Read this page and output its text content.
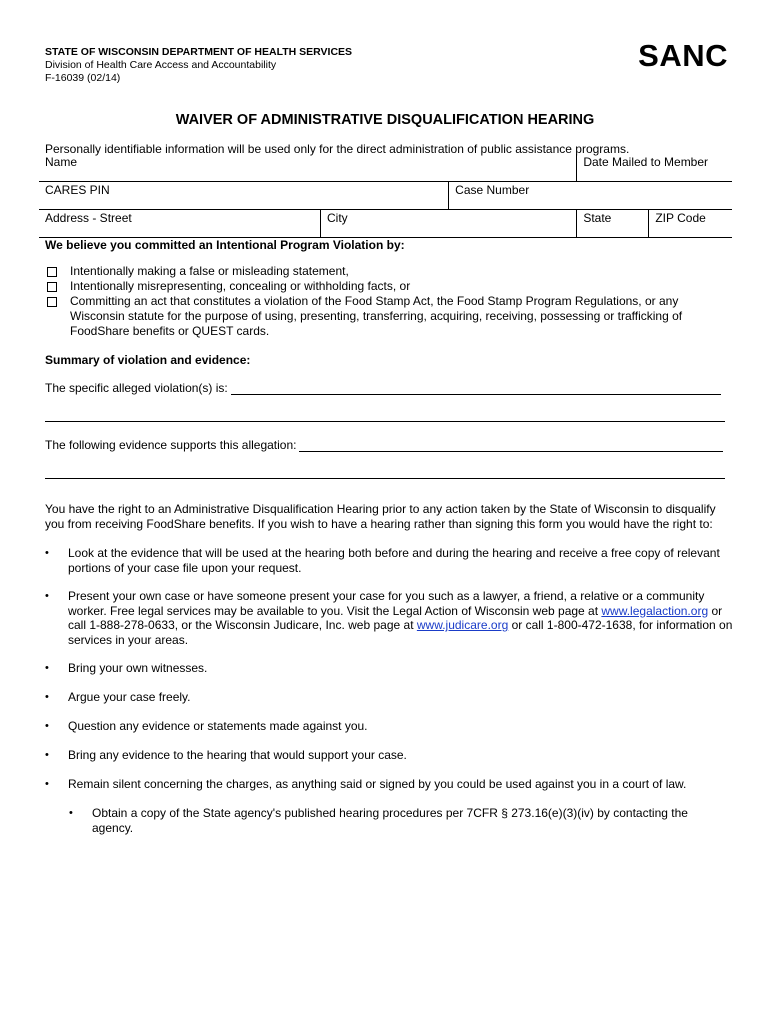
STATE OF WISCONSIN DEPARTMENT OF HEALTH SERVICES
Division of Health Care Access and Accountability
F-16039 (02/14)
SANC
WAIVER OF ADMINISTRATIVE DISQUALIFICATION HEARING
Personally identifiable information will be used only for the direct administration of public assistance programs.
Name			Date Mailed to Member	
CARES PIN		Case Number		
Address - Street	City		State	ZIP Code
We believe you committed an Intentional Program Violation by:
Intentionally making a false or misleading statement,
Intentionally misrepresenting, concealing or withholding facts, or
Committing an act that constitutes a violation of the Food Stamp Act, the Food Stamp Program Regulations, or any Wisconsin statute for the purpose of using, presenting, transferring, acquiring, receiving, possessing or trafficking of FoodShare benefits or QUEST cards.
Summary of violation and evidence:
The specific alleged violation(s) is:
The following evidence supports this allegation:
You have the right to an Administrative Disqualification Hearing prior to any action taken by the State of Wisconsin to disqualify you from receiving FoodShare benefits. If you wish to have a hearing rather than signing this form you would have the right to:
•	Look at the evidence that will be used at the hearing both before and during the hearing and receive a free copy of relevant portions of your case file upon your request.
•	Present your own case or have someone present your case for you such as a lawyer, a friend, a relative or a community worker. Free legal services may be available to you. Visit the Legal Action of Wisconsin web page at www.legalaction.org or call 1-888-278-0633, or the Wisconsin Judicare, Inc. web page at www.judicare.org or call 1-800-472-1638, for information on services in your areas.
•	Bring your own witnesses.
•	Argue your case freely.
•	Question any evidence or statements made against you.
•	Bring any evidence to the hearing that would support your case.
•	Remain silent concerning the charges, as anything said or signed by you could be used against you in a court of law.
•	Obtain a copy of the State agency's published hearing procedures per 7CFR § 273.16(e)(3)(iv) by contacting the agency.
